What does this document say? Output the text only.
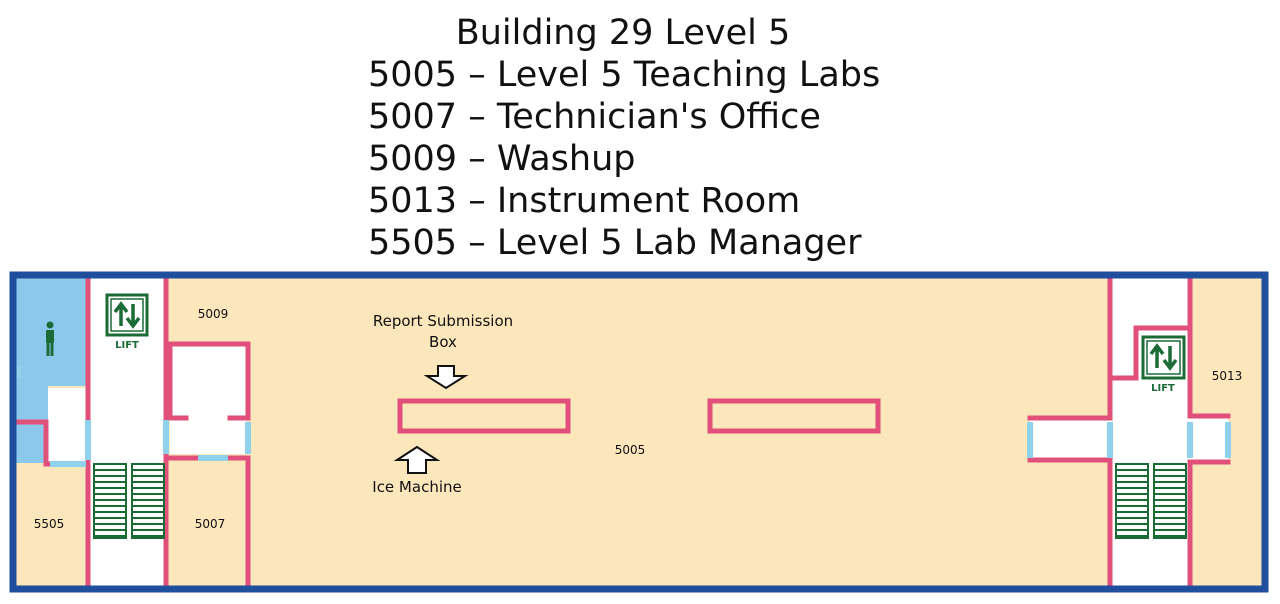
Building 29 Level 5
5005 – Level 5 Teaching Labs
5007 – Technician's Office
5009 – Washup
5013 – Instrument Room
5505 – Level 5 Lab Manager
LIFT
LIFT
Report Submission
Box
Ice Machine
5009
5005
5007
5505
5013
